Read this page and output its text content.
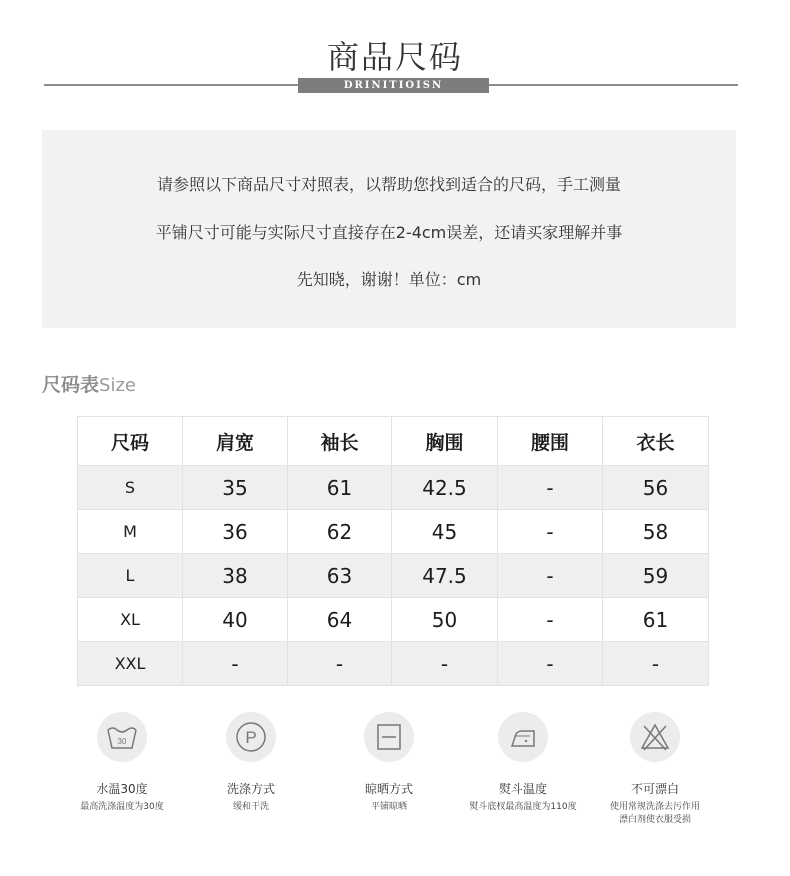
商品尺码
DRINITIOISN

请参照以下商品尺寸对照表，以帮助您找到适合的尺码，手工测量

平铺尺寸可能与实际尺寸直接存在2-4cm误差，还请买家理解并事

先知晓，谢谢！单位：cm

尺码表Size
尺码	肩宽	袖长	胸围	腰围	衣长
S	35	61	42.5	-	56
M	36	62	45	-	58
L	38	63	47.5	-	59
XL	40	64	50	-	61
XXL	-	-	-	-	-
30
水温30度
最高洗涤温度为30度
P
洗涤方式
缓和干洗
晾晒方式
平铺晾晒
熨斗温度
熨斗底杈最高温度为110度
不可漂白
使用常规洗涤去污作用
漂白剂使衣服受损
